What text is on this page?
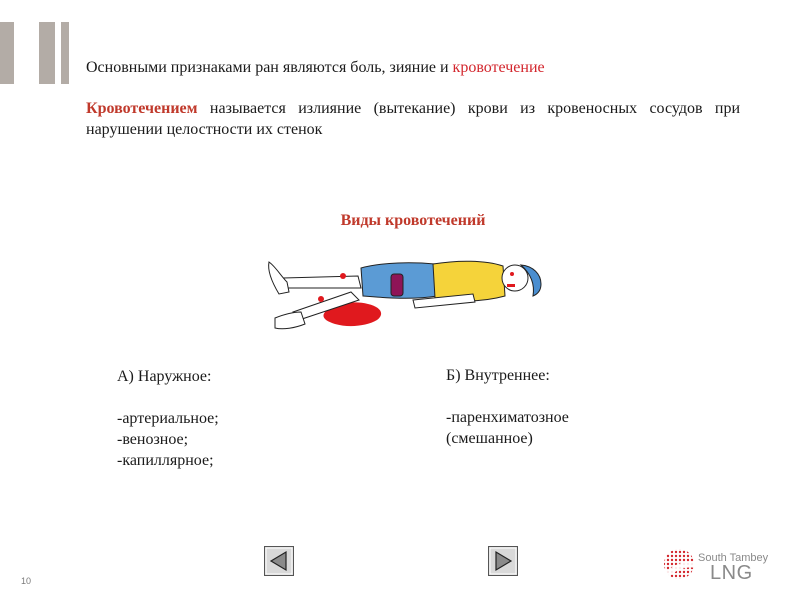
Основными признаками ран являются боль, зияние и кровотечение
Кровотечением называется излияние (вытекание) крови из кровеносных сосудов при нарушении целостности их стенок
Виды кровотечений
А) Наружное:
-артериальное;
-венозное;
-капиллярное;
Б) Внутреннее:
-паренхиматозное
(смешанное)
10
South Tambey
LNG
